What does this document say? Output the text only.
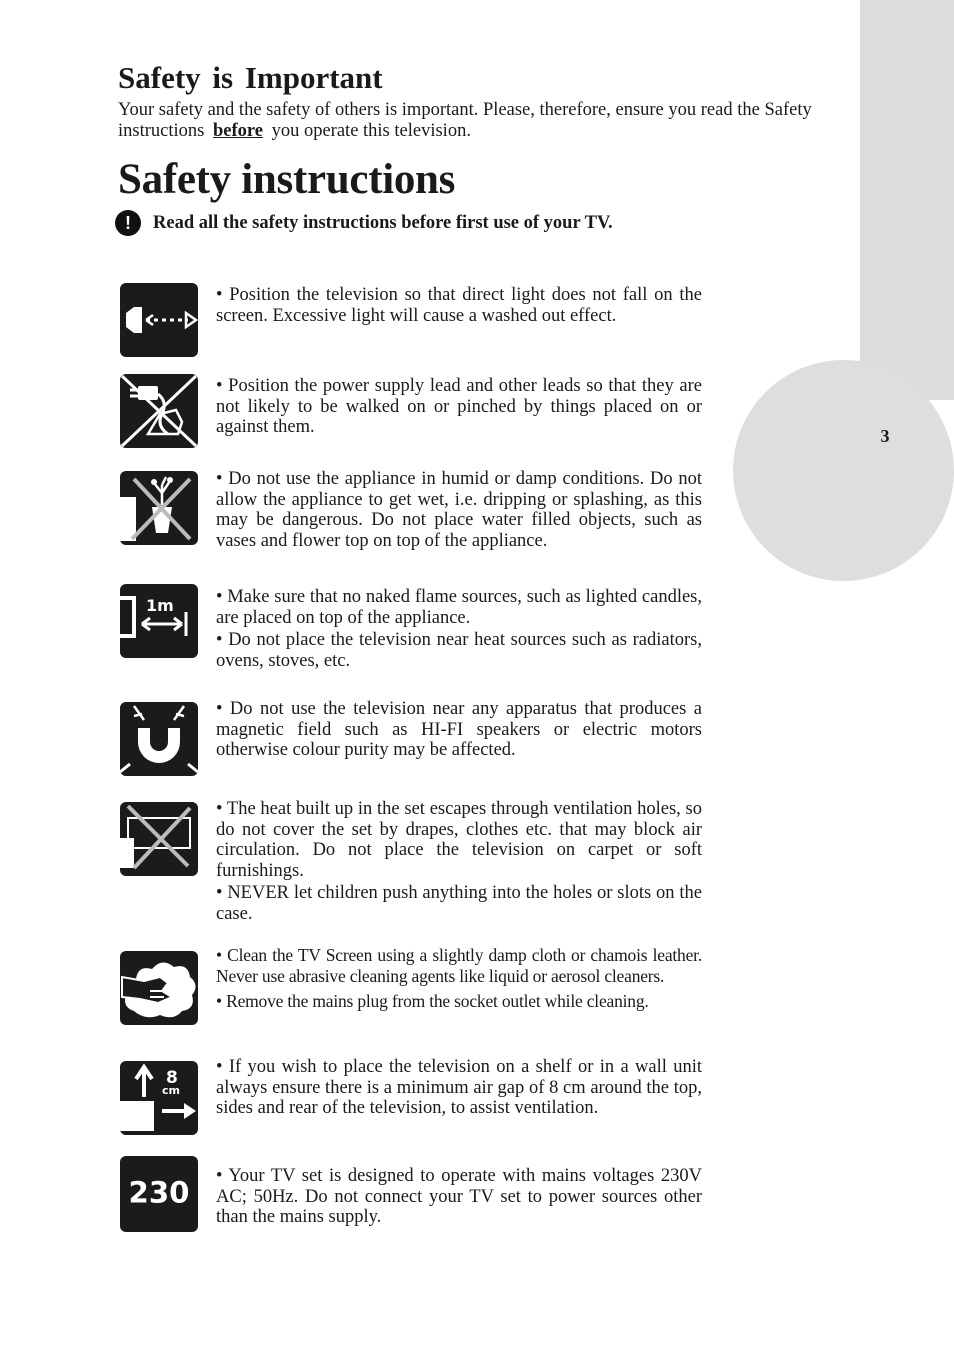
3
Safety is Important

Your safety and the safety of others is important. Please, therefore, ensure you read the Safety instructions before you operate this television.

Safety instructions
!	Read all the safety instructions before first use of your TV.

• Position the television so that direct light does not fall on the screen. Excessive light will cause a washed out effect.

• Position the power supply lead and other leads so that they are not likely to be walked on or pinched by things placed on or against them.

• Do not use the appliance in humid or damp conditions. Do not allow the appliance to get wet, i.e. dripping or splashing, as this may be dangerous. Do not place water filled objects, such as vases and flower top on top of the appliance.

1m • Make sure that no naked flame sources, such as lighted candles, are placed on top of the appliance.

• Do not place the television near heat sources such as radiators, ovens, stoves, etc.

• Do not use the television near any apparatus that produces a magnetic field such as HI-FI speakers or electric motors otherwise colour purity may be affected.

• The heat built up in the set escapes through ventilation holes, so do not cover the set by drapes, clothes etc. that may block air circulation. Do not place the television on carpet or soft furnishings.

• NEVER let children push anything into the holes or slots on the case.

• Clean the TV Screen using a slightly damp cloth or chamois leather. Never use abrasive cleaning agents like liquid or aerosol cleaners.

• Remove the mains plug from the socket outlet while cleaning.

8
cm

• If you wish to place the television on a shelf or in a wall unit always ensure there is a minimum air gap of 8 cm around the top, sides and rear of the television, to assist ventilation.

230 • Your TV set is designed to operate with mains voltages 230V AC; 50Hz. Do not connect your TV set to power sources other than the mains supply.
